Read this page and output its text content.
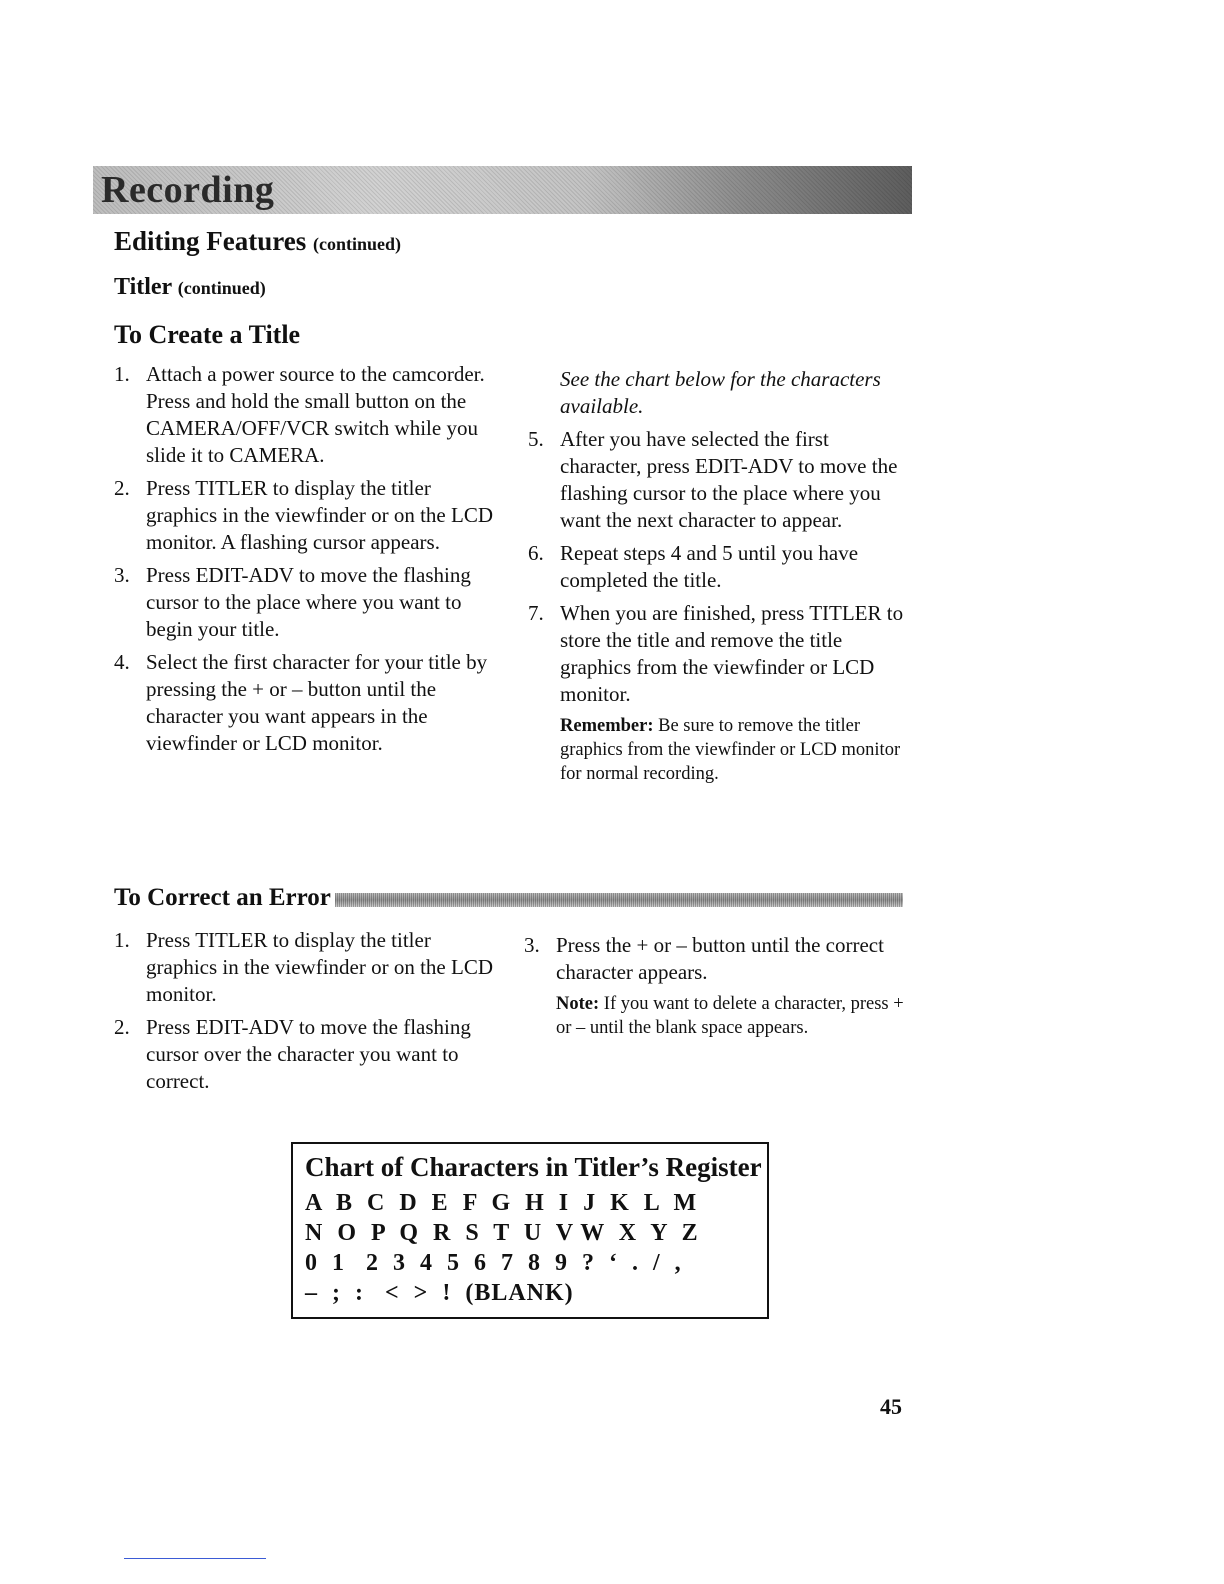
Recording
Editing Features (continued)
Titler (continued)
To Create a Title
1. Attach a power source to the camcorder. Press and hold the small button on the CAMERA/OFF/VCR switch while you slide it to CAMERA.
2. Press TITLER to display the titler graphics in the viewfinder or on the LCD monitor. A flashing cursor appears.
3. Press EDIT-ADV to move the flashing cursor to the place where you want to begin your title.
4. Select the first character for your title by pressing the + or – button until the character you want appears in the viewfinder or LCD monitor.
See the chart below for the characters available.
5. After you have selected the first character, press EDIT-ADV to move the flashing cursor to the place where you want the next character to appear.
6. Repeat steps 4 and 5 until you have completed the title.
7. When you are finished, press TITLER to store the title and remove the title graphics from the viewfinder or LCD monitor.
Remember: Be sure to remove the titler graphics from the viewfinder or LCD monitor for normal recording.
To Correct an Error
1. Press TITLER to display the titler graphics in the viewfinder or on the LCD monitor.
2. Press EDIT-ADV to move the flashing cursor over the character you want to correct.
3. Press the + or – button until the correct character appears.
Note: If you want to delete a character, press + or – until the blank space appears.
Chart of Characters in Titler’s Register
A  B  C  D  E  F  G  H  I  J  K  L  M
N  O  P  Q  R  S  T  U  V W  X  Y  Z
0  1   2  3  4  5  6  7  8  9  ?  ‘  .  /  ,
–  ;  :   <  >  !  (BLANK)
45
